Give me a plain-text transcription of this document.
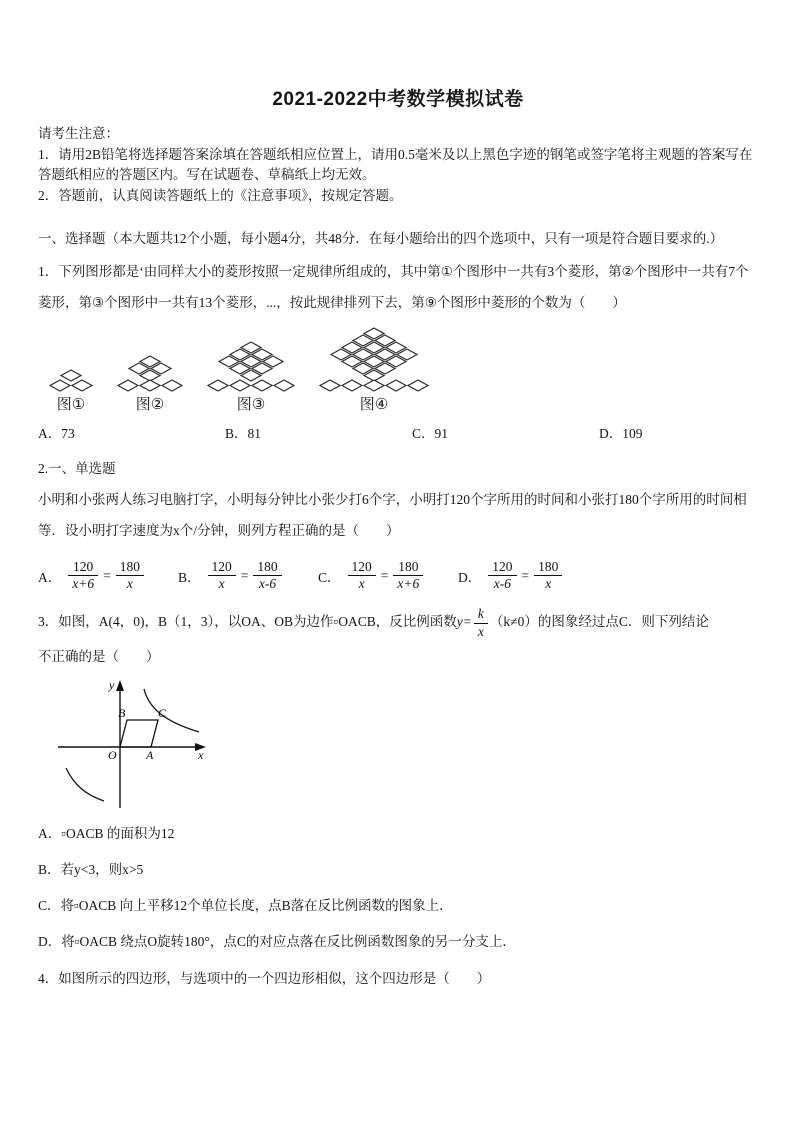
2021-2022中考数学模拟试卷

请考生注意：

1．请用2B铅笔将选择题答案涂填在答题纸相应位置上，请用0.5毫米及以上黑色字迹的钢笔或签字笔将主观题的答案写在答题纸相应的答题区内。写在试题卷、草稿纸上均无效。

2．答题前，认真阅读答题纸上的《注意事项》，按规定答题。

一、选择题（本大题共12个小题，每小题4分，共48分．在每小题给出的四个选项中，只有一项是符合题目要求的.）

1．下列图形都是‘由同样大小的菱形按照一定规律所组成的，其中第①个图形中一共有3个菱形，第②个图形中一共有7个菱形，第③个图形中一共有13个菱形，...，按此规律排列下去，第⑨个图形中菱形的个数为（　　）

图①	图②	图③	图④
A．73	B．81	C．91	D．109

2.一、单选题

小明和小张两人练习电脑打字，小明每分钟比小张少打6个字，小明打120个字所用的时间和小张打180个字所用的时间相等．设小明打字速度为x个/分钟，则列方程正确的是（　　）

A． $\frac{120}{x+6} = \frac{180}{x}$	B． $\frac{120}{x} = \frac{180}{x-6}$	C． $\frac{120}{x} = \frac{180}{x+6}$	D． $\frac{120}{x-6} = \frac{180}{x}$

3．如图，A(4，0)，B（1，3），以OA、OB为边作▫OACB，反比例函数$y= \frac{k}{x} (k\ne 0)$的图象经过点C．则下列结论

不正确的是（　　）

y
x
O A
B	C

A．▫OACB 的面积为12

B．若y<3，则x>5

C．将▫OACB 向上平移12个单位长度，点B落在反比例函数的图象上．

D．将▫OACB 绕点O旋转180°，点C的对应点落在反比例函数图象的另一分支上．

4．如图所示的四边形，与选项中的一个四边形相似，这个四边形是（　　）
